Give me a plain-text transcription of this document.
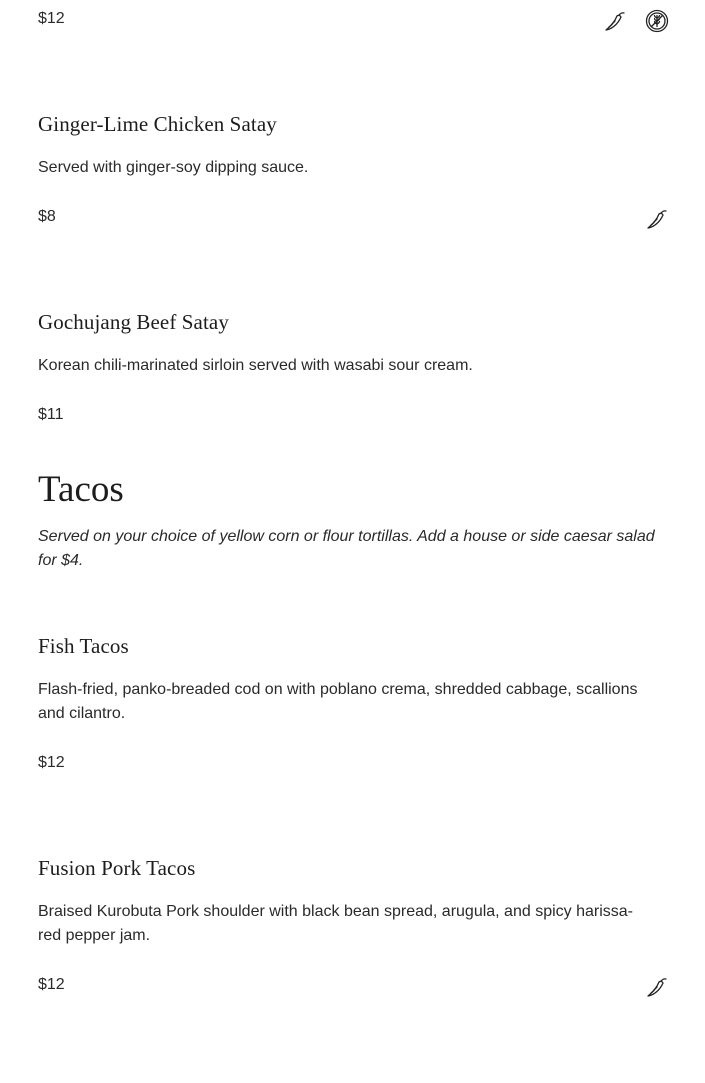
$12
Ginger-Lime Chicken Satay
Served with ginger-soy dipping sauce.
$8
Gochujang Beef Satay
Korean chili-marinated sirloin served with wasabi sour cream.
$11
Tacos
Served on your choice of yellow corn or flour tortillas. Add a house or side caesar salad for $4.
Fish Tacos
Flash-fried, panko-breaded cod on with poblano crema, shredded cabbage, scallions and cilantro.
$12
Fusion Pork Tacos
Braised Kurobuta Pork shoulder with black bean spread, arugula, and spicy harissa-red pepper jam.
$12
